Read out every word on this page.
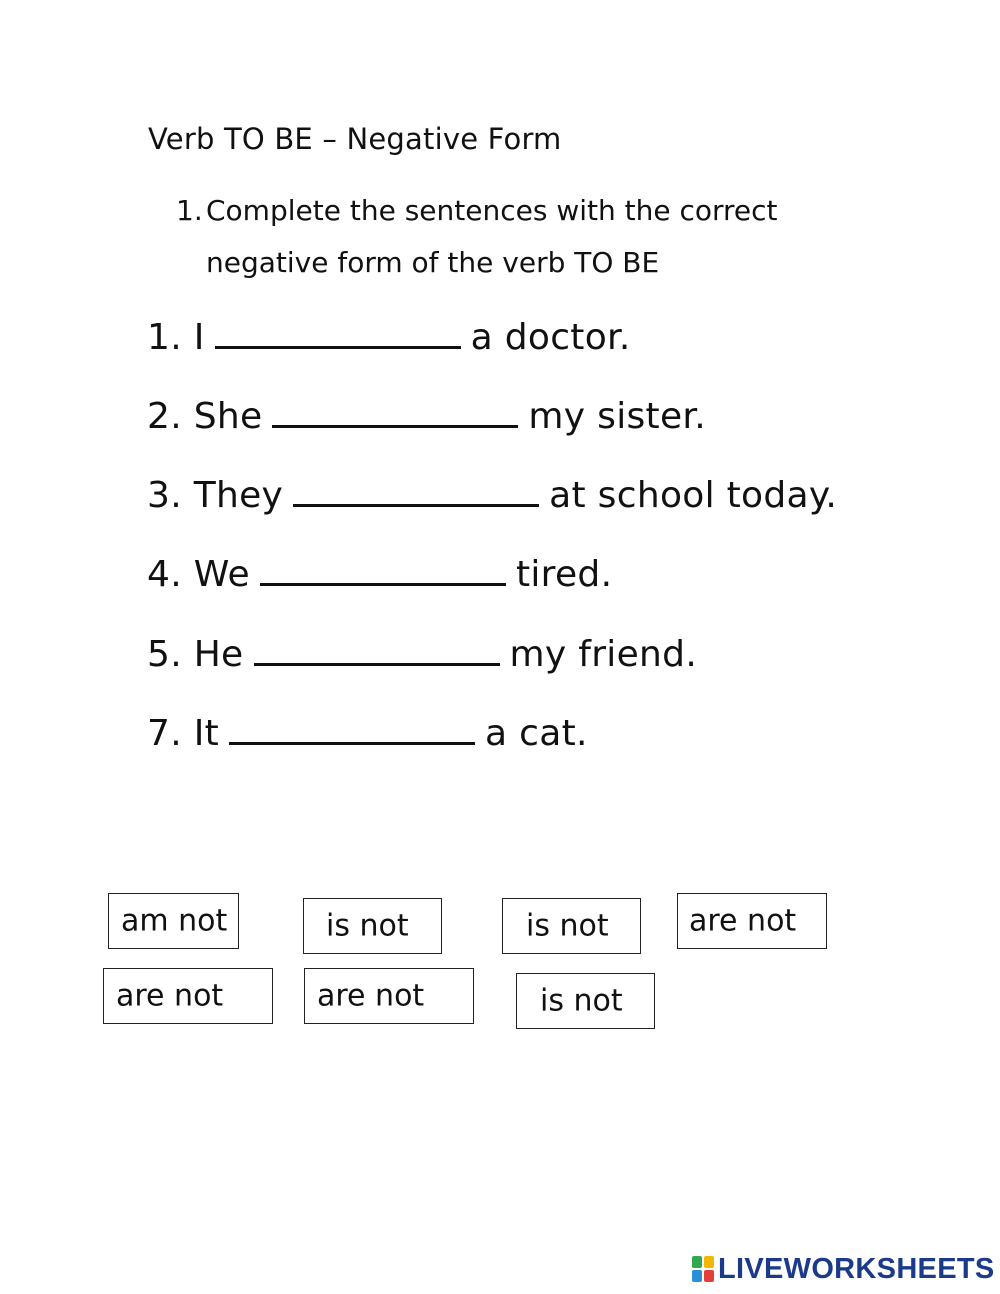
Verb TO BE – Negative Form
1. Complete the sentences with the correct
negative form of the verb TO BE
1. I	a doctor.
2. She	my sister.
3. They	at school today.
4. We	tired.
5. He	my friend.
7. It	a cat.
am not	is not	is not	are not
are not	are not	is not
LIVEWORKSHEETS
